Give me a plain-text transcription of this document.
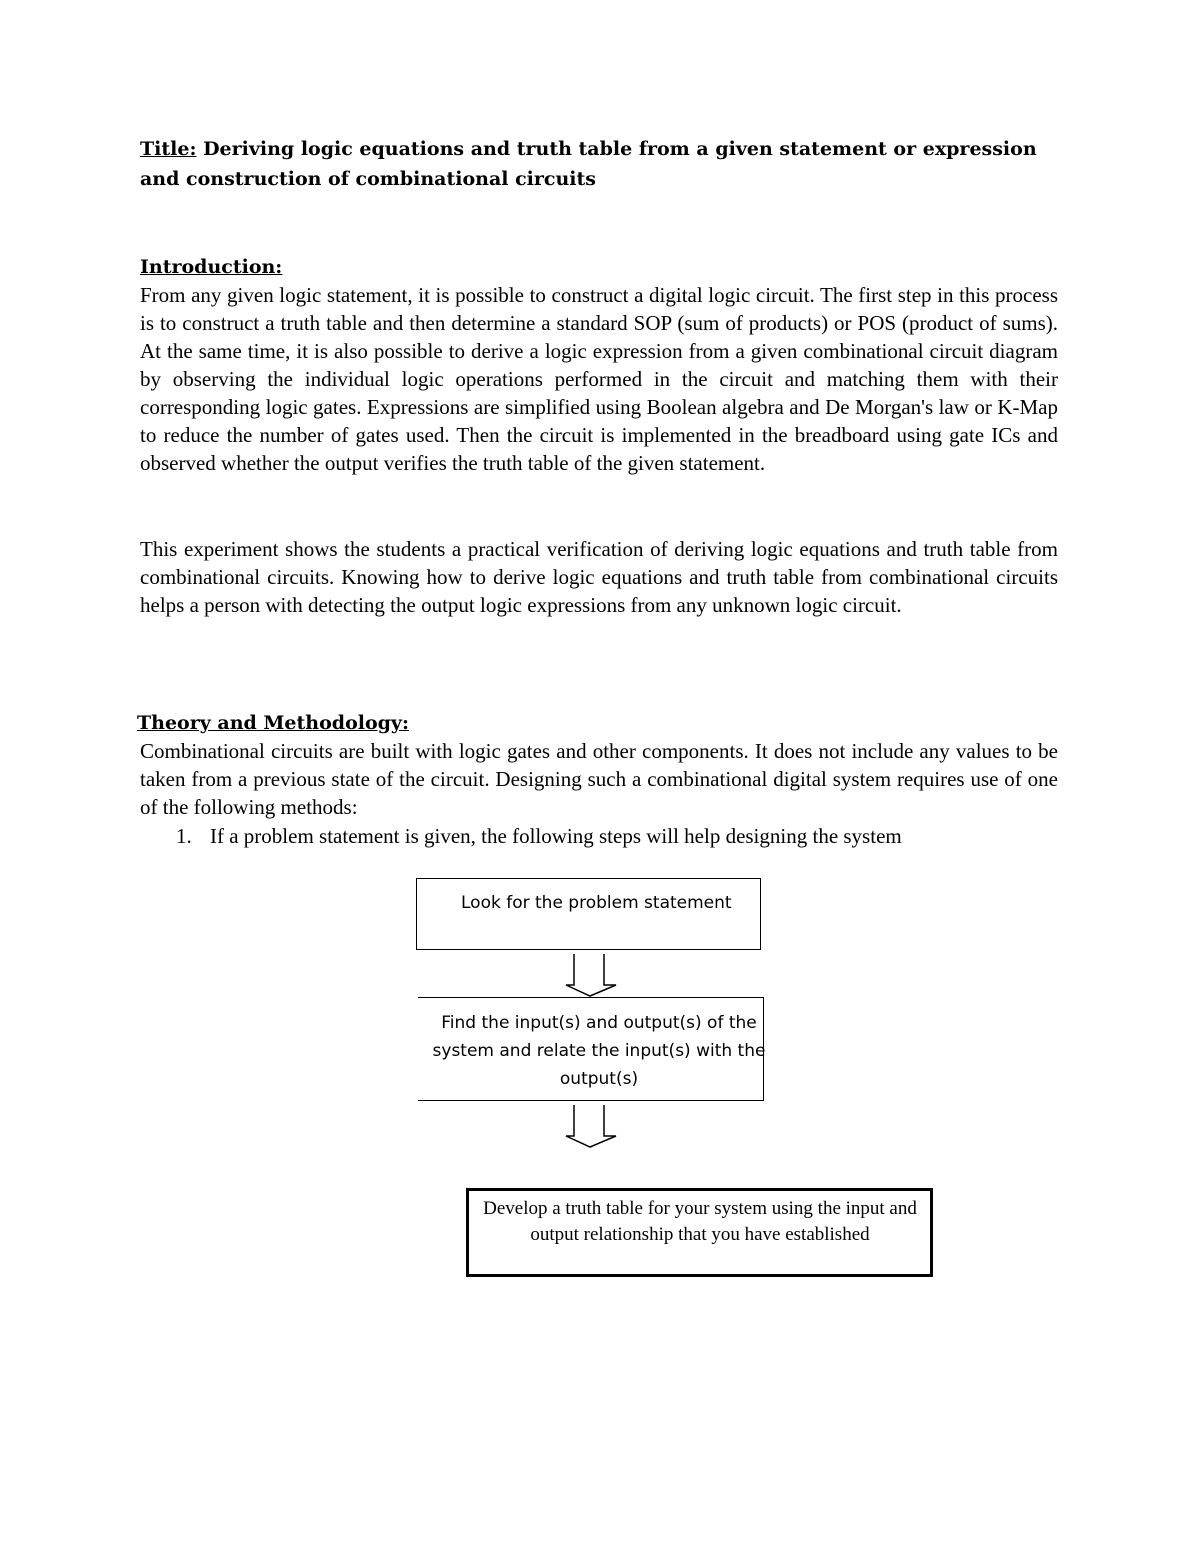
Title: Deriving logic equations and truth table from a given statement or expression and construction of combinational circuits
Introduction:
From any given logic statement, it is possible to construct a digital logic circuit. The first step in this process is to construct a truth table and then determine a standard SOP (sum of products) or POS (product of sums). At the same time, it is also possible to derive a logic expression from a given combinational circuit diagram by observing the individual logic operations performed in the circuit and matching them with their corresponding logic gates. Expressions are simplified using Boolean algebra and De Morgan's law or K-Map to reduce the number of gates used. Then the circuit is implemented in the breadboard using gate ICs and observed whether the output verifies the truth table of the given statement.
This experiment shows the students a practical verification of deriving logic equations and truth table from combinational circuits. Knowing how to derive logic equations and truth table from combinational circuits helps a person with detecting the output logic expressions from any unknown logic circuit.
Theory and Methodology:
Combinational circuits are built with logic gates and other components. It does not include any values to be taken from a previous state of the circuit. Designing such a combinational digital system requires use of one of the following methods:
1. If a problem statement is given, the following steps will help designing the system
Look for the problem statement
Find the input(s) and output(s) of the system and relate the input(s) with the output(s)
Develop a truth table for your system using the input and output relationship that you have established
